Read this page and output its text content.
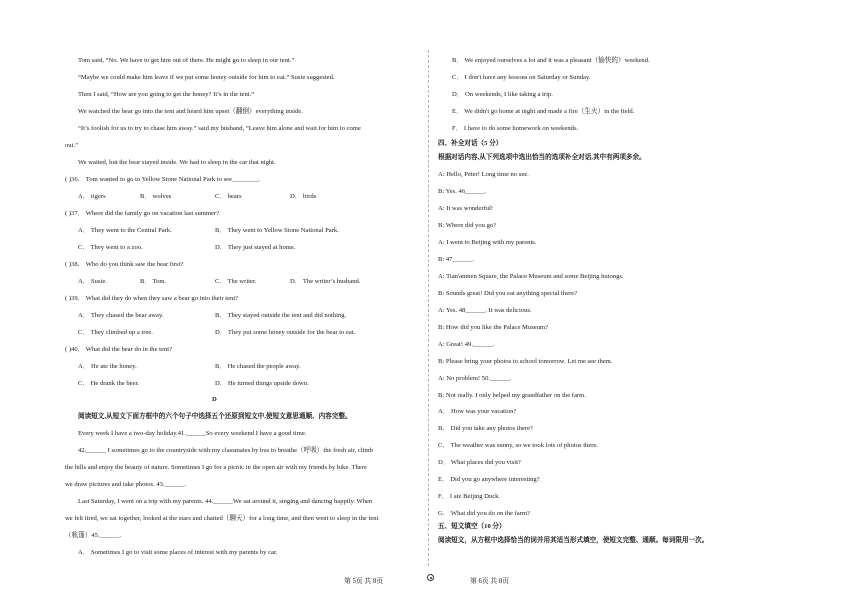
Tom said, “No. We have to get him out of there. He might go to sleep in our tent.”
“Maybe we could make him leave if we put some honey outside for him to eat.” Susie suggested.
Then I said, “How are you going to get the honey? It’s in the tent.”
We watched the bear go into the tent and heard him upset（翻倒）everything inside.
“It’s foolish for us to try to chase him away.” said my husband, “Leave him alone and wait for him to come
out.”
We waited, but the bear stayed inside. We had to sleep in the car that night.
( )36． Tom wanted to go to Yellow Stone National Park to see________.
A． tigers	B． wolves	C． bears	D． birds
( )37． Where did the family go on vacation last summer?
A． They went to the Central Park.	B． They went to Yellow Stone National Park.
C． They went to a zoo.	D． They just stayed at home.
( )38． Who do you think saw the bear first?
A． Susie.	B． Tom.	C． The writer.	D． The writer’s husband.
( )39． What did they do when they saw a bear go into their tent?
A． They chased the bear away.	B． They stayed outside the tent and did nothing.
C． They climbed up a tree.	D． They put some honey outside for the bear to eat.
( )40． What did the bear do in the tent?
A． He ate the honey.	B． He chased the people away.
C． He drank the beer.	D． He turned things upside down.
D
阅读短文,从短文下面方框中的六个句子中选择五个还原到短文中,使短文意思通顺、内容完整。
Every week I have a two-day holiday.41.______So every weekend I have a good time.
42.______ I sometimes go to the countryside with my classmates by bus to breathe（呼吸）the fresh air, climb
the hills and enjoy the beauty of nature. Sometimes I go for a picnic in the open air with my friends by bike. There
we draw pictures and take photos. 43.______.
Last Saturday, I went on a trip with my parents. 44.______We sat around it, singing and dancing happily. When
we felt tired, we sat together, looked at the stars and chatted（聊天）for a long time, and then went to sleep in the tent
（帐篷）45.______.
A． Sometimes I go to visit some places of interest with my parents by car.
第 5页 共 8页
B． We enjoyed ourselves a lot and it was a pleasant（愉快的）weekend.
C． I don't have any lessons on Saturday or Sunday.
D． On weekends, I like taking a trip.
E． We didn't go home at night and made a fire（生火）in the field.
F． I have to do some homework on weekends.
四、补全对话（5 分）
根据对话内容,从下列选项中选出恰当的选项补全对话,其中有两项多余。
A: Hello, Peter! Long time no see.
B: Yes. 46______.
A: It was wonderful!
B: Where did you go?
A: I went to Beijing with my parents.
B: 47______.
A: Tian'anmen Square, the Palace Museum and some Beijing hutongs.
B: Sounds great! Did you eat anything special there?
A: Yes. 48______. It was delicious.
B: How did you like the Palace Museum?
A: Great! 49.______.
B: Please bring your photos to school tomorrow. Let me see them.
A: No problem! 50.______.
B: Not really. I only helped my grandfather on the farm.
A． How was your vacation?
B． Did you take any photos there?
C． The weather was sunny, so we took lots of photos there.
D． What places did you visit?
E． Did you go anywhere interesting?
F． I ate Beijing Duck.
G． What did you do on the farm?
五、短文填空（10 分）
阅读短文，从方框中选择恰当的词并用其适当形式填空，使短文完整、通顺。每词限用一次。
第 6页 共 8页
